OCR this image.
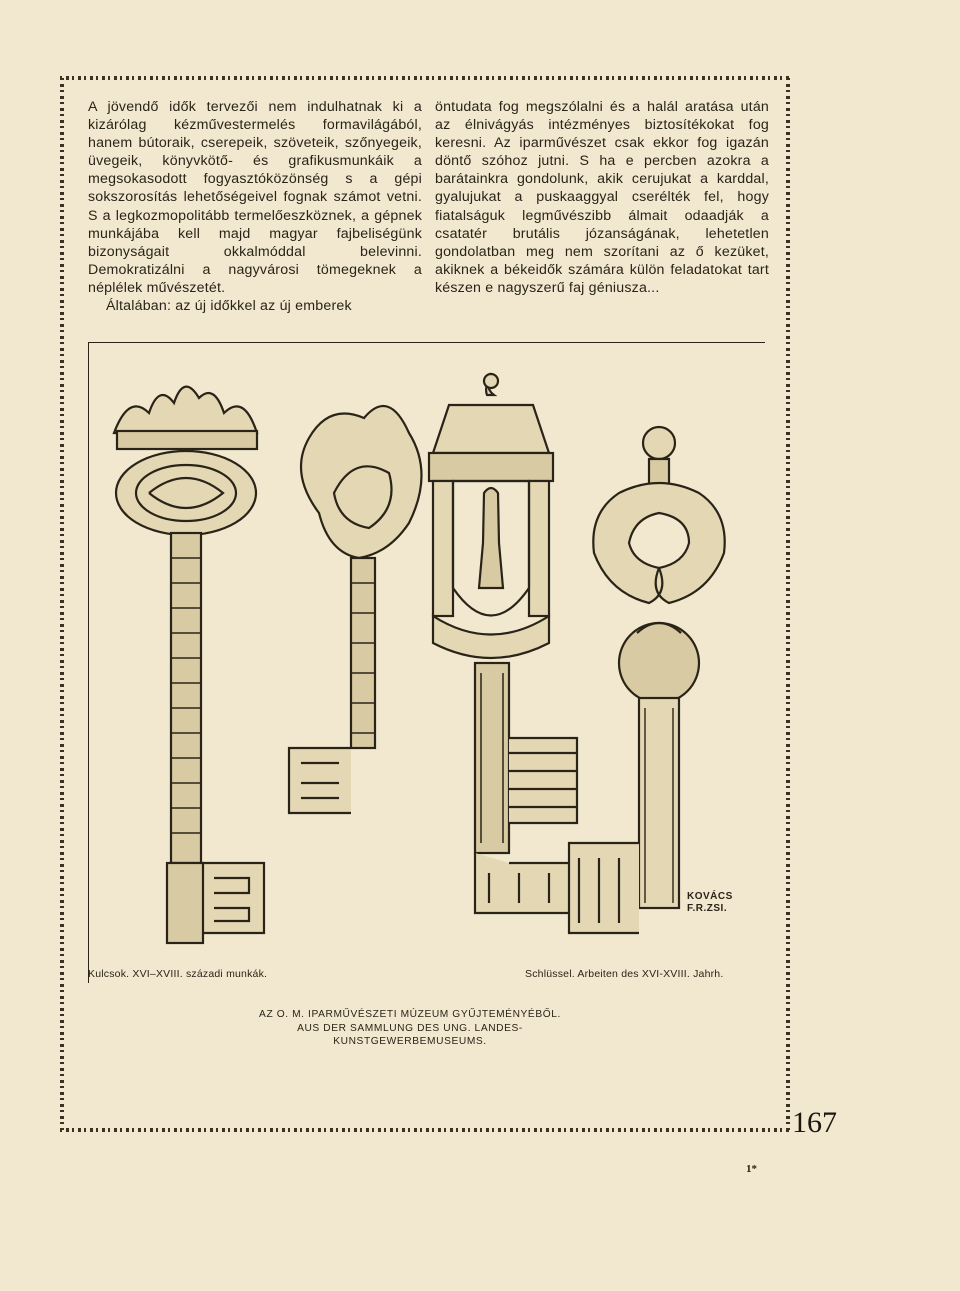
A jövendő idők tervezői nem indulhatnak ki a kizárólag kézművestermelés formavilágából, hanem bútoraik, cserepeik, szöveteik, szőnyegeik, üvegeik, könyvkötő- és grafikusmunkáik a megsokasodott fogyasztóközönség s a gépi sokszorosítás lehetőségeivel fognak számot vetni. S a legkozmopolitább termelőeszköznek, a gépnek munkájába kell majd magyar fajbeliségünk bizonyságait okkalmóddal belevinni. Demokratizálni a nagyvárosi tömegeknek a néplélek művészetét.

Általában: az új időkkel az új emberek

öntudata fog megszólalni és a halál aratása után az élnivágyás intézményes biztosítékokat fog keresni. Az iparművészet csak ekkor fog igazán döntő szóhoz jutni. S ha e percben azokra a barátainkra gondolunk, akik cerujukat a karddal, gyalujukat a puskaaggyal cserélték fel, hogy fiatalságuk legművészibb álmait odaadják a csatatér brutális józanságának, lehetetlen gondolatban meg nem szorítani az ő kezüket, akiknek a békeidők számára külön feladatokat tart készen e nagyszerű faj géniusza...

KOVÁCS
F.R.ZSI.
Kulcsok. XVI–XVIII. századi munkák.	Schlüssel. Arbeiten des XVI-XVIII. Jahrh.
AZ O. M. IPARMŰVÉSZETI MÚZEUM GYŰJTEMÉNYÉBŐL.
AUS DER SAMMLUNG DES UNG. LANDES-
KUNSTGEWERBEMUSEUMS.
167
1*
